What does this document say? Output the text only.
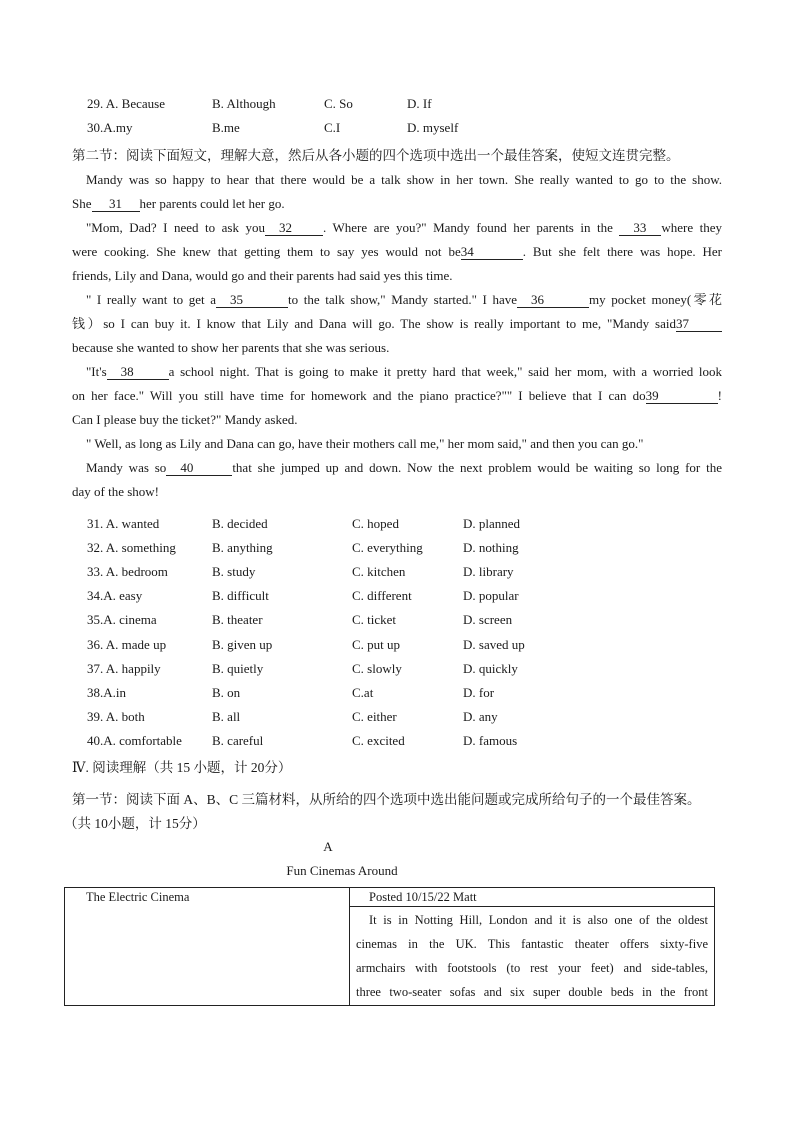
29. A. Because	B. Although	C. So	D. If
30.A.my	B.me	C.I	D. myself
第二节：阅读下面短文，理解大意，然后从各小题的四个选项中选出一个最佳答案，使短文连贯完整。
Mandy was so happy to hear that there would be a talk show in her town. She really wanted to go to the show.
She 31 her parents could let her go.
"Mom, Dad? I need to ask you 32 . Where are you?" Mandy found her parents in the 33 where they
were cooking. She knew that getting them to say yes would not be34	. But she felt there was hope. Her
friends, Lily and Dana, would go and their parents had said yes this time.
" I really want to get a 35	to the talk show," Mandy started." I have 36	my pocket money(零花
钱）so I can buy it. I know that Lily and Dana will go. The show is really important to me, "Mandy said37
because she wanted to show her parents that she was serious.
"It's 38	a school night. That is going to make it pretty hard that week," said her mom, with a worried look
on her face." Will you still have time for homework and the piano practice?"" I believe that I can do39	!
Can I please buy the ticket?" Mandy asked.
" Well, as long as Lily and Dana can go, have their mothers call me," her mom said," and then you can go."
Mandy was so 40	that she jumped up and down. Now the next problem would be waiting so long for the
day of the show!
31. A. wanted	B. decided	C. hoped	D. planned
32. A. something	B. anything	C. everything	D. nothing
33. A. bedroom	B. study	C. kitchen	D. library
34.A. easy	B. difficult	C. different	D. popular
35.A. cinema	B. theater	C. ticket	D. screen
36. A. made up	B. given up	C. put up	D. saved up
37. A. happily	B. quietly	C. slowly	D. quickly
38.A.in	B. on	C.at	D. for
39. A. both	B. all	C. either	D. any
40.A. comfortable B. careful	C. excited	D. famous
Ⅳ. 阅读理解（共 15 小题，计 20分）
第一节：阅读下面 A、B、C 三篇材料，从所给的四个选项中选出能问题或完成所给句子的一个最佳答案。
（共 10小题，计 15分）
A
Fun Cinemas Around
The Electric Cinema	Posted 10/15/22 Matt

It is in Notting Hill, London and it is also one of the oldest
cinemas in the UK. This fantastic theater offers sixty-five
armchairs with footstools (to rest your feet) and side-tables,
three two-seater sofas and six super double beds in the front
